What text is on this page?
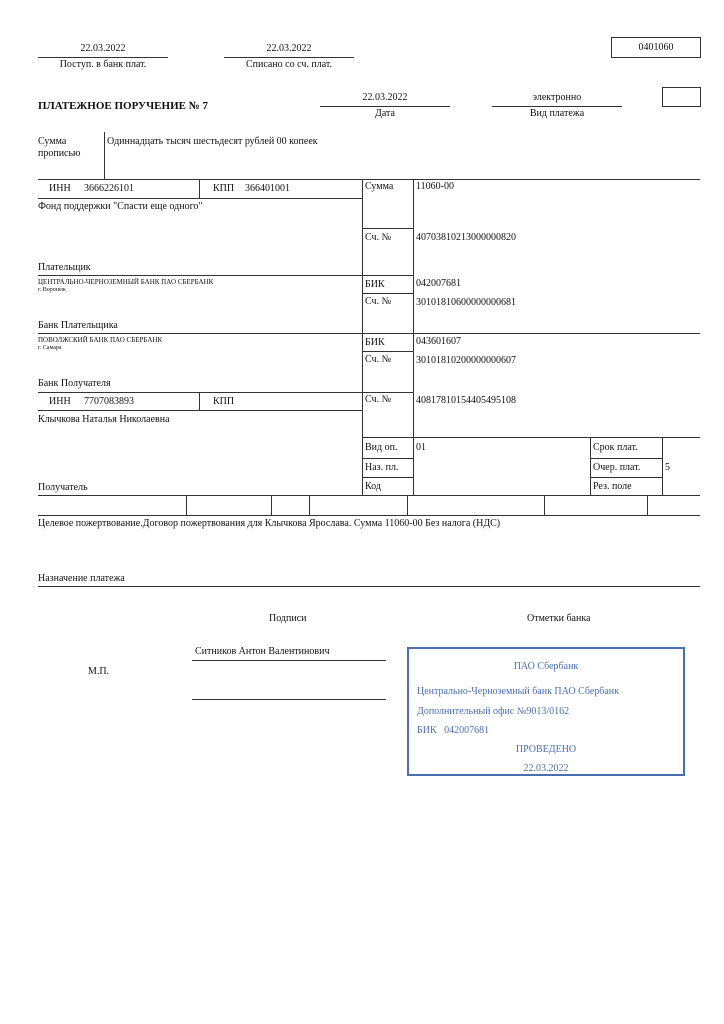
22.03.2022
Поступ. в банк плат.
22.03.2022
Списано со сч. плат.
0401060
ПЛАТЕЖНОЕ ПОРУЧЕНИЕ № 7
22.03.2022
Дата
электронно
Вид платежа
Сумма прописью
Одиннадцать тысяч шестьдесят рублей 00 копеек
ИНН 3666226101	КПП 366401001
Фонд поддержки "Спасти еще одного"
Плательщик
Сумма 11060-00
Сч. № 40703810213000000820
ЦЕНТРАЛЬНО-ЧЕРНОЗЕМНЫЙ БАНК ПАО СБЕРБАНК
г. Воронеж
Банк Плательщика
БИК	042007681
Сч. № 30101810600000000681
ПОВОЛЖСКИЙ БАНК ПАО СБЕРБАНК
г. Самара
Банк Получателя
БИК	043601607
Сч. № 30101810200000000607
ИНН 7707083893	КПП
Клычкова Наталья Николаевна
Получатель
Сч. № 40817810154405495108
Вид оп. 01
Наз. пл.
Код
Срок плат.
Очер. плат. 5
Рез. поле
Целевое пожертвование.Договор пожертвования для Клычкова Ярослава. Сумма 11060-00 Без налога (НДС)
Назначение платежа
Подписи	Отметки банка
Ситников Антон Валентинович
М.П.	ПАО Сбербанк
Центрально-Черноземный банк ПАО Сбербанк
Дополнительный офис №9013/0162
БИК   042007681
ПРОВЕДЕНО
22.03.2022
